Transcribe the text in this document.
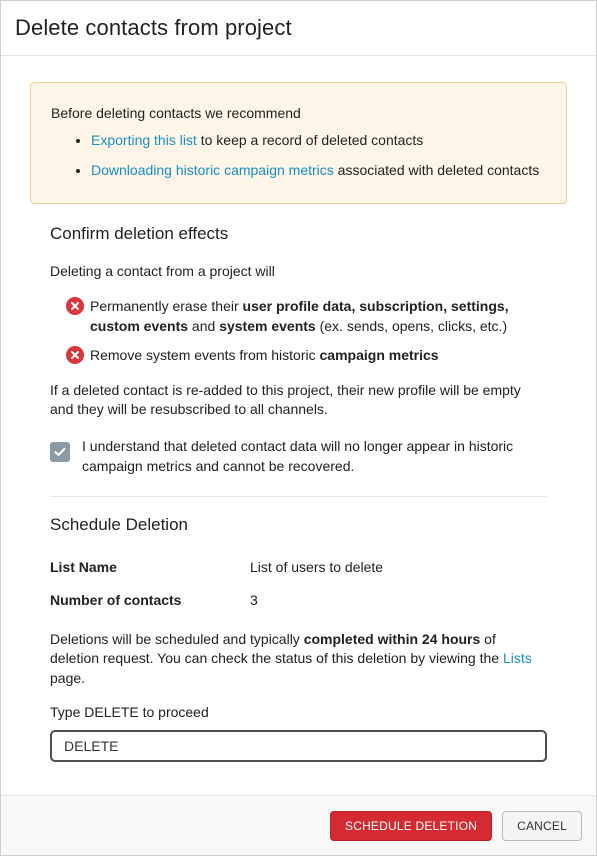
Delete contacts from project

Before deleting contacts we recommend

• Exporting this list to keep a record of deleted contacts
• Downloading historic campaign metrics associated with deleted contacts
Confirm deletion effects

Deleting a contact from a project will

Permanently erase their user profile data, subscription, settings, custom events and system events (ex. sends, opens, clicks, etc.)
Remove system events from historic campaign metrics

If a deleted contact is re-added to this project, their new profile will be empty and they will be resubscribed to all channels.

I understand that deleted contact data will no longer appear in historic campaign metrics and cannot be recovered.
Schedule Deletion
List Name	List of users to delete
Number of contacts	3

Deletions will be scheduled and typically completed within 24 hours of deletion request. You can check the status of this deletion by viewing the Lists page.

Type DELETE to proceed
DELETE
SCHEDULE DELETION	CANCEL
